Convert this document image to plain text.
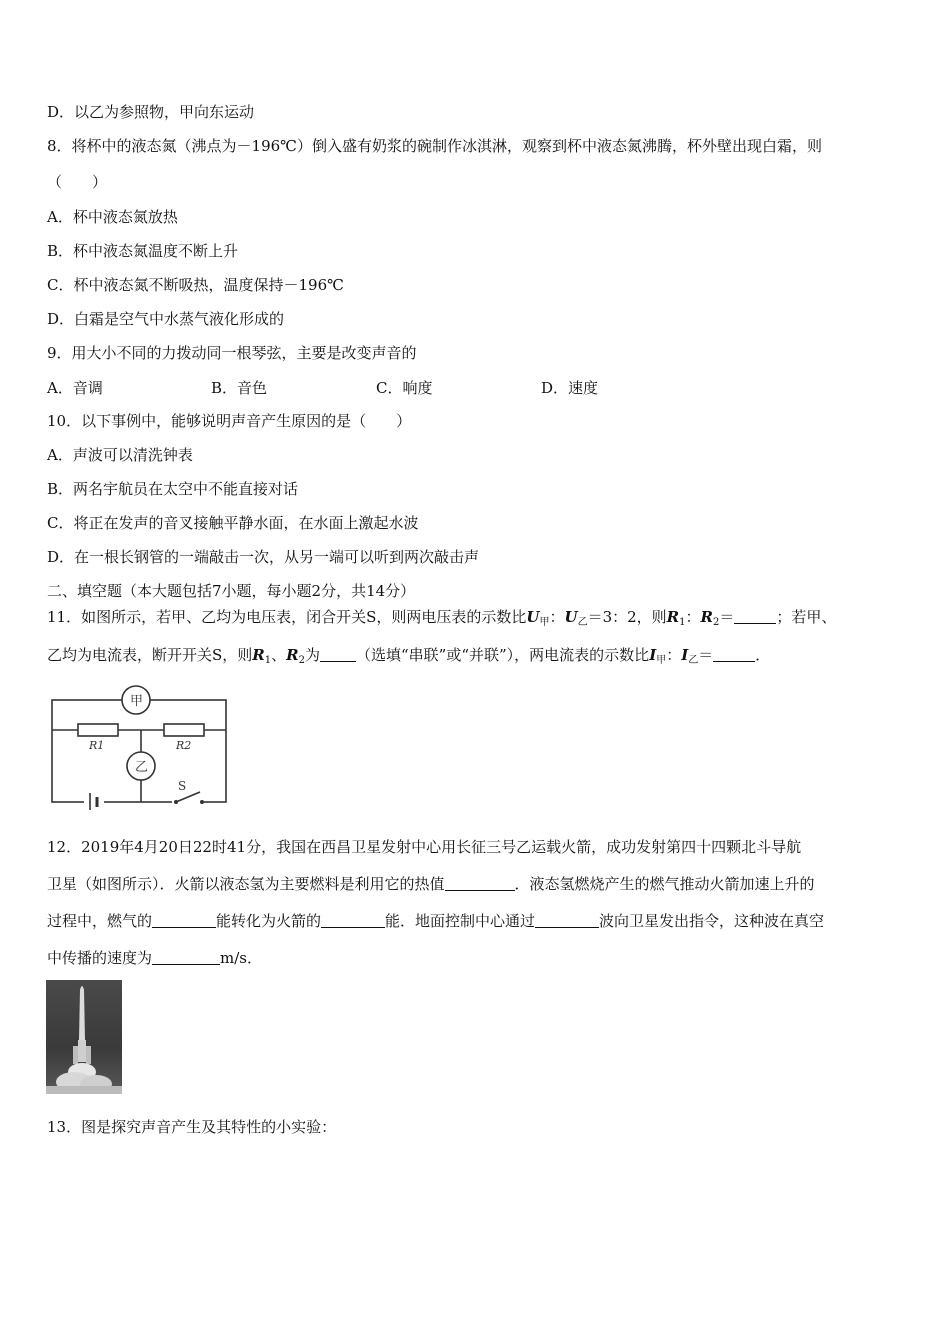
D．以乙为参照物，甲向东运动
8．将杯中的液态氮（沸点为－196℃）倒入盛有奶浆的碗制作冰淇淋，观察到杯中液态氮沸腾，杯外壁出现白霜，则
（　　）
A．杯中液态氮放热
B．杯中液态氮温度不断上升
C．杯中液态氮不断吸热，温度保持－196℃
D．白霜是空气中水蒸气液化形成的
9．用大小不同的力拨动同一根琴弦，主要是改变声音的
A．音调	B．音色	C．响度	D．速度
10．以下事例中，能够说明声音产生原因的是（　　）
A．声波可以清洗钟表
B．两名宇航员在太空中不能直接对话
C．将正在发声的音叉接触平静水面，在水面上激起水波
D．在一根长钢管的一端敲击一次，从另一端可以听到两次敲击声
二、填空题（本大题包括7小题，每小题2分，共14分）
11．如图所示，若甲、乙均为电压表，闭合开关S，则两电压表的示数比$U_甲$：$U_乙=3$：2，则$R_1$：$R_2=$	；若甲、
乙均为电流表，断开开关S，则$R_1$、$R_2$为 （选填“串联”或“并联”），两电流表的示数比$I_甲$：$I_乙=$	．
甲
乙
R1	R2
S
12．2019年4月20日22时41分，我国在西昌卫星发射中心用长征三号乙运载火箭，成功发射第四十四颗北斗导航
卫星（如图所示）．火箭以液态氢为主要燃料是利用它的热值	．液态氢燃烧产生的燃气推动火箭加速上升的
过程中，燃气的	能转化为火箭的	能．地面控制中心通过	波向卫星发出指令，这种波在真空
中传播的速度为	m/s．
13．图是探究声音产生及其特性的小实验：
